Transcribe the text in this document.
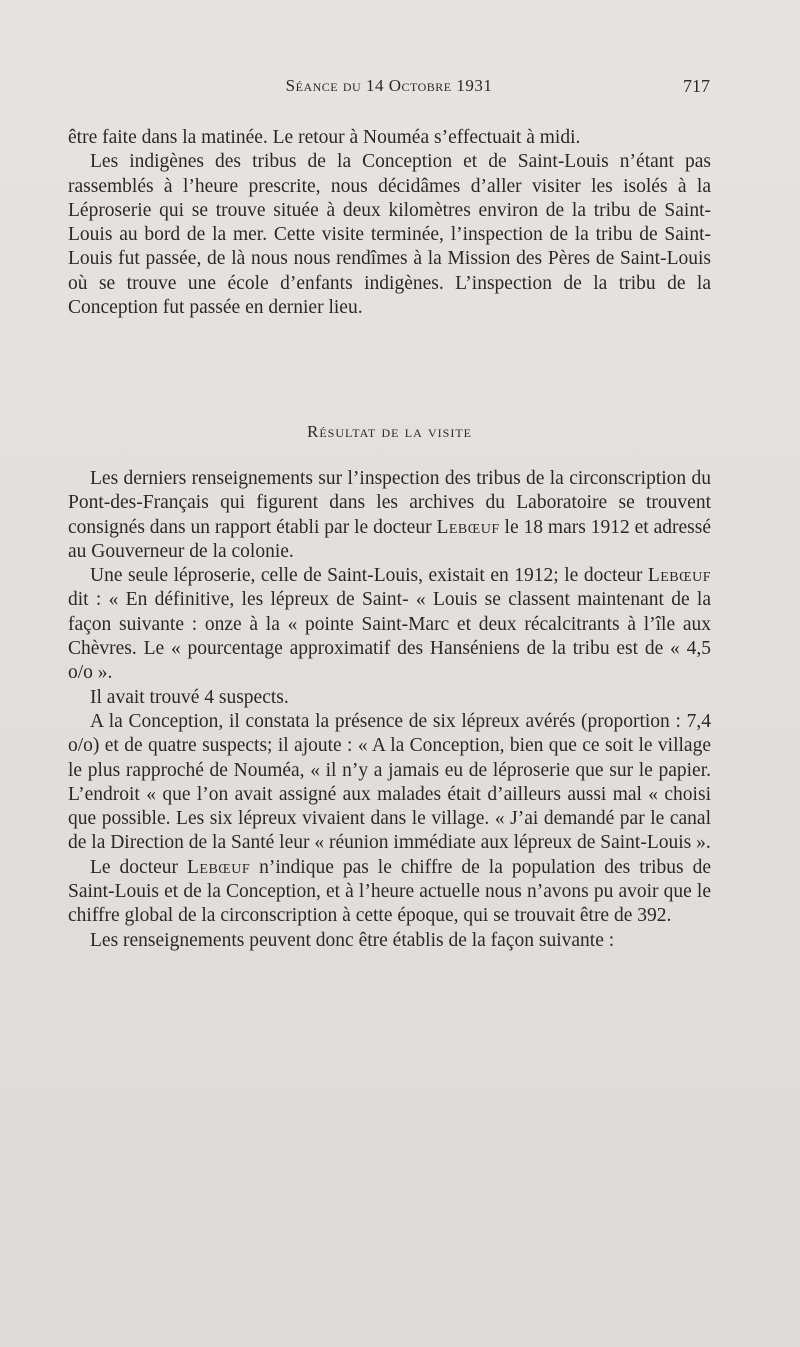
Séance du 14 Octobre 1931	717

être faite dans la matinée. Le retour à Nouméa s’effectuait à midi.

Les indigènes des tribus de la Conception et de Saint-Louis n’étant pas rassemblés à l’heure prescrite, nous décidâmes d’aller visiter les isolés à la Léproserie qui se trouve située à deux kilomètres environ de la tribu de Saint-Louis au bord de la mer. Cette visite terminée, l’inspection de la tribu de Saint-Louis fut passée, de là nous nous rendîmes à la Mission des Pères de Saint-Louis où se trouve une école d’enfants indigènes. L’inspection de la tribu de la Conception fut passée en dernier lieu.

Résultat de la visite

Les derniers renseignements sur l’inspection des tribus de la circonscription du Pont-des-Français qui figurent dans les archives du Laboratoire se trouvent consignés dans un rapport établi par le docteur Lebœuf le 18 mars 1912 et adressé au Gouverneur de la colonie.

Une seule léproserie, celle de Saint-Louis, existait en 1912; le docteur Lebœuf dit : « En définitive, les lépreux de Saint- « Louis se classent maintenant de la façon suivante : onze à la « pointe Saint-Marc et deux récalcitrants à l’île aux Chèvres. Le « pourcentage approximatif des Hanséniens de la tribu est de « 4,5 o/o ».

Il avait trouvé 4 suspects.

A la Conception, il constata la présence de six lépreux avérés (proportion : 7,4 o/o) et de quatre suspects; il ajoute : « A la Conception, bien que ce soit le village le plus rapproché de Nouméa, « il n’y a jamais eu de léproserie que sur le papier. L’endroit « que l’on avait assigné aux malades était d’ailleurs aussi mal « choisi que possible. Les six lépreux vivaient dans le village. « J’ai demandé par le canal de la Direction de la Santé leur « réunion immédiate aux lépreux de Saint-Louis ».

Le docteur Lebœuf n’indique pas le chiffre de la population des tribus de Saint-Louis et de la Conception, et à l’heure actuelle nous n’avons pu avoir que le chiffre global de la circonscription à cette époque, qui se trouvait être de 392.

Les renseignements peuvent donc être établis de la façon suivante :
